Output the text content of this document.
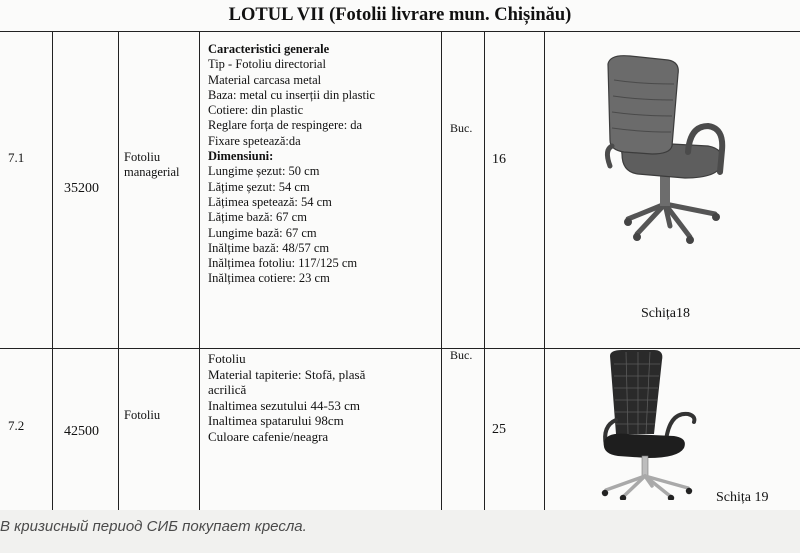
LOTUL VII (Fotolii livrare mun. Chișinău)
7.1
35200
Fotoliu
managerial
Caracteristici generale
Tip - Fotoliu directorial
Material carcasa metal
Baza: metal cu inserții din plastic
Cotiere: din plastic
Reglare forța de respingere: da
Fixare spetează:da
Dimensiuni:
Lungime șezut: 50 cm
Lățime șezut: 54 cm
Lățimea spetează: 54 cm
Lățime bază: 67 cm
Lungime bază: 67 cm
Inălțime bază: 48/57 cm
Inălțimea fotoliu: 117/125 cm
Inălțimea cotiere: 23 cm
Buc.
16
Schița18
7.2	42500
Fotoliu
Fotoliu
Material tapiterie: Stofă, plasă
acrilică
Inaltimea sezutului 44-53 cm
Inaltimea spatarului 98cm
Culoare cafenie/neagra
Buc.
25
Schița 19
В кризисный период СИБ покупает кресла.
